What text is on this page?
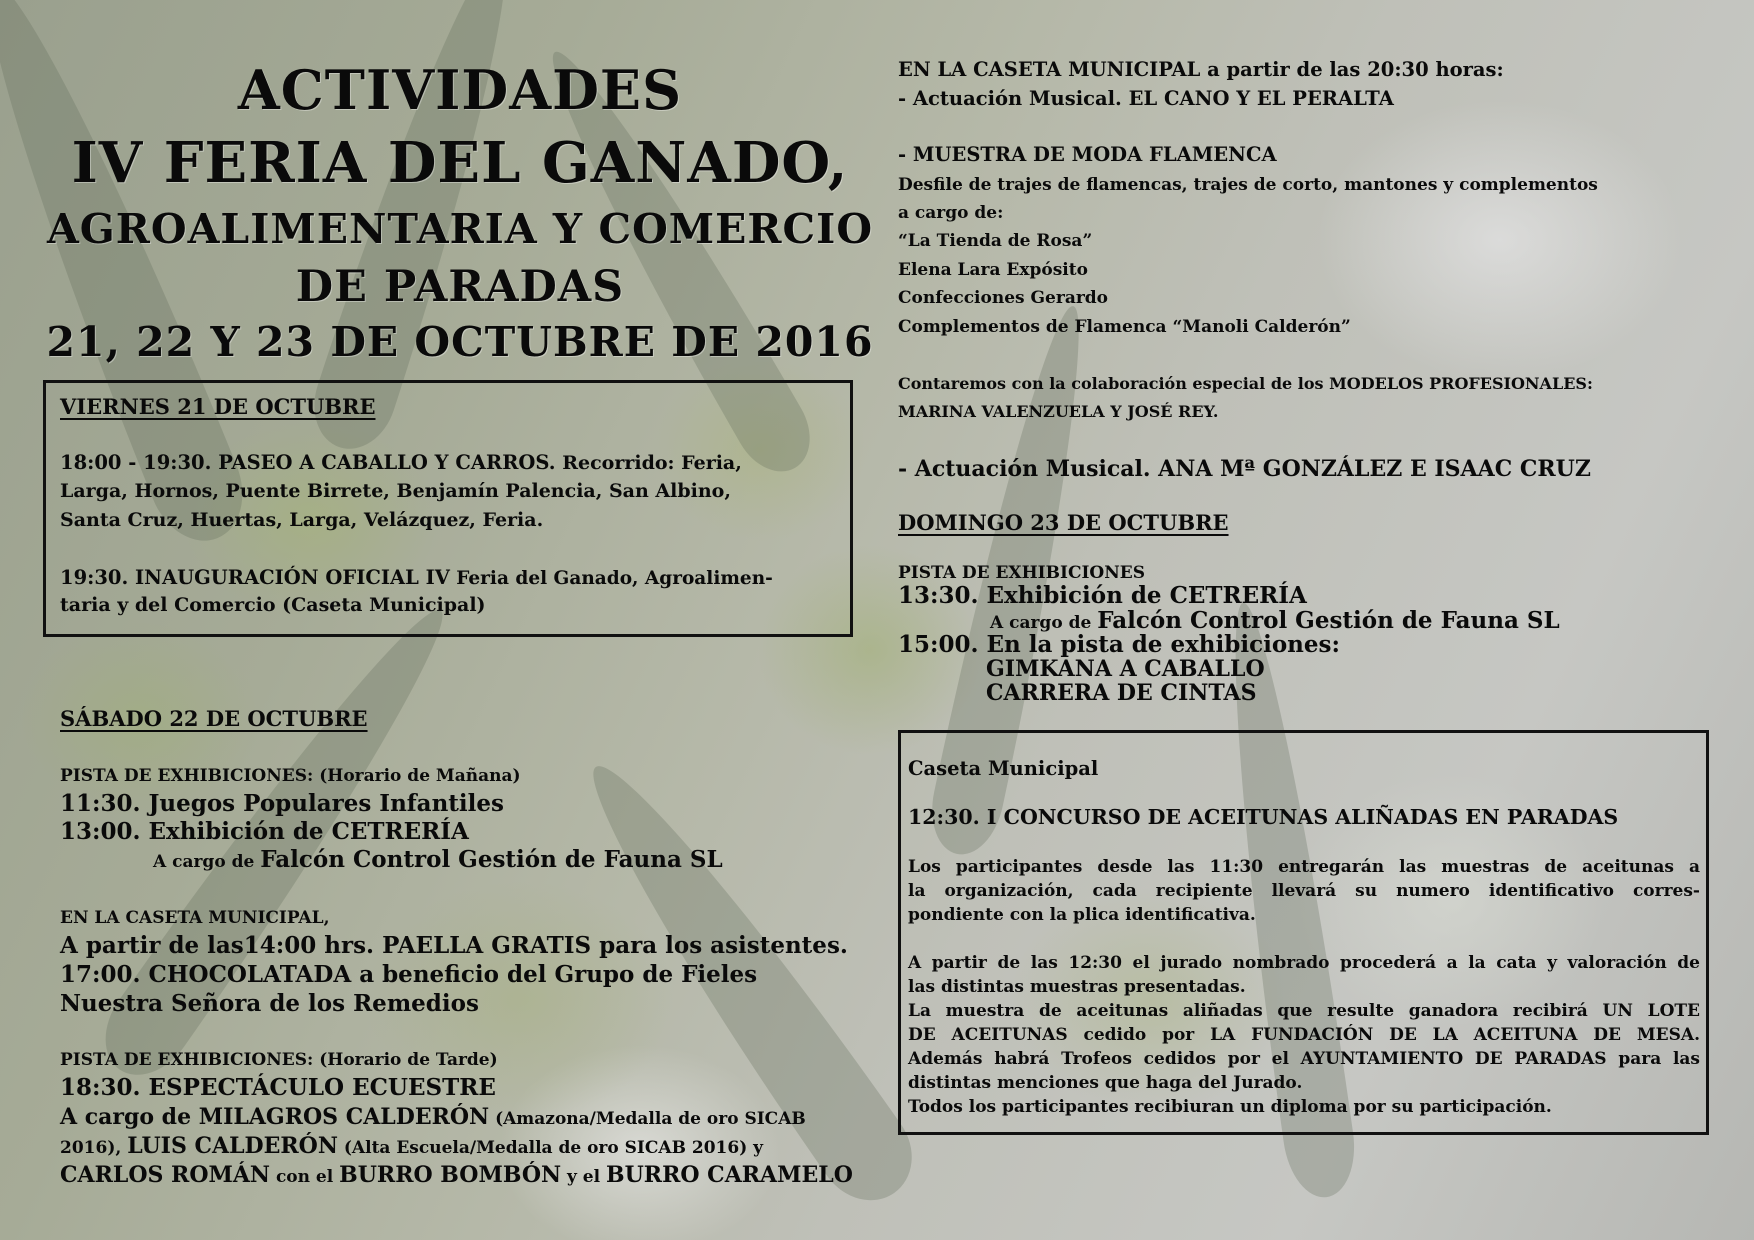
ACTIVIDADES
IV FERIA DEL GANADO,
AGROALIMENTARIA Y COMERCIO
DE PARADAS
21, 22 Y 23 DE OCTUBRE DE 2016
VIERNES 21 DE OCTUBRE
18:00 - 19:30. PASEO A CABALLO Y CARROS. Recorrido: Feria,
Larga, Hornos, Puente Birrete, Benjamín Palencia, San Albino,
Santa Cruz, Huertas, Larga, Velázquez, Feria.
19:30. INAUGURACIÓN OFICIAL IV Feria del Ganado, Agroalimen-
taria y del Comercio (Caseta Municipal)
SÁBADO 22 DE OCTUBRE
PISTA DE EXHIBICIONES: (Horario de Mañana)
11:30. Juegos Populares Infantiles
13:00. Exhibición de CETRERÍA
A cargo de Falcón Control Gestión de Fauna SL
EN LA CASETA MUNICIPAL,
A partir de las14:00 hrs. PAELLA GRATIS para los asistentes.
17:00. CHOCOLATADA a beneficio del Grupo de Fieles
Nuestra Señora de los Remedios
PISTA DE EXHIBICIONES: (Horario de Tarde)
18:30. ESPECTÁCULO ECUESTRE
A cargo de MILAGROS CALDERÓN (Amazona/Medalla de oro SICAB
2016), LUIS CALDERÓN (Alta Escuela/Medalla de oro SICAB 2016) y
CARLOS ROMÁN con el BURRO BOMBÓN y el BURRO CARAMELO
EN LA CASETA MUNICIPAL a partir de las 20:30 horas:
- Actuación Musical. EL CANO Y EL PERALTA
- MUESTRA DE MODA FLAMENCA
Desfile de trajes de flamencas, trajes de corto, mantones y complementos
a cargo de:
“La Tienda de Rosa”
Elena Lara Expósito
Confecciones Gerardo
Complementos de Flamenca “Manoli Calderón”
Contaremos con la colaboración especial de los MODELOS PROFESIONALES:
MARINA VALENZUELA Y JOSÉ REY.
- Actuación Musical. ANA Mª GONZÁLEZ E ISAAC CRUZ
DOMINGO 23 DE OCTUBRE
PISTA DE EXHIBICIONES
13:30. Exhibición de CETRERÍA
A cargo de Falcón Control Gestión de Fauna SL
15:00. En la pista de exhibiciones:
GIMKANA A CABALLO
CARRERA DE CINTAS
Caseta Municipal
12:30. I CONCURSO DE ACEITUNAS ALIÑADAS EN PARADAS
Los participantes desde las 11:30 entregarán las muestras de aceitunas a
la organización, cada recipiente llevará su numero identificativo corres-
pondiente con la plica identificativa.
A partir de las 12:30 el jurado nombrado procederá a la cata y valoración de
las distintas muestras presentadas.
La muestra de aceitunas aliñadas que resulte ganadora recibirá UN LOTE
DE ACEITUNAS cedido por LA FUNDACIÓN DE LA ACEITUNA DE MESA.
Además habrá Trofeos cedidos por el AYUNTAMIENTO DE PARADAS para las
distintas menciones que haga del Jurado.
Todos los participantes recibiuran un diploma por su participación.
